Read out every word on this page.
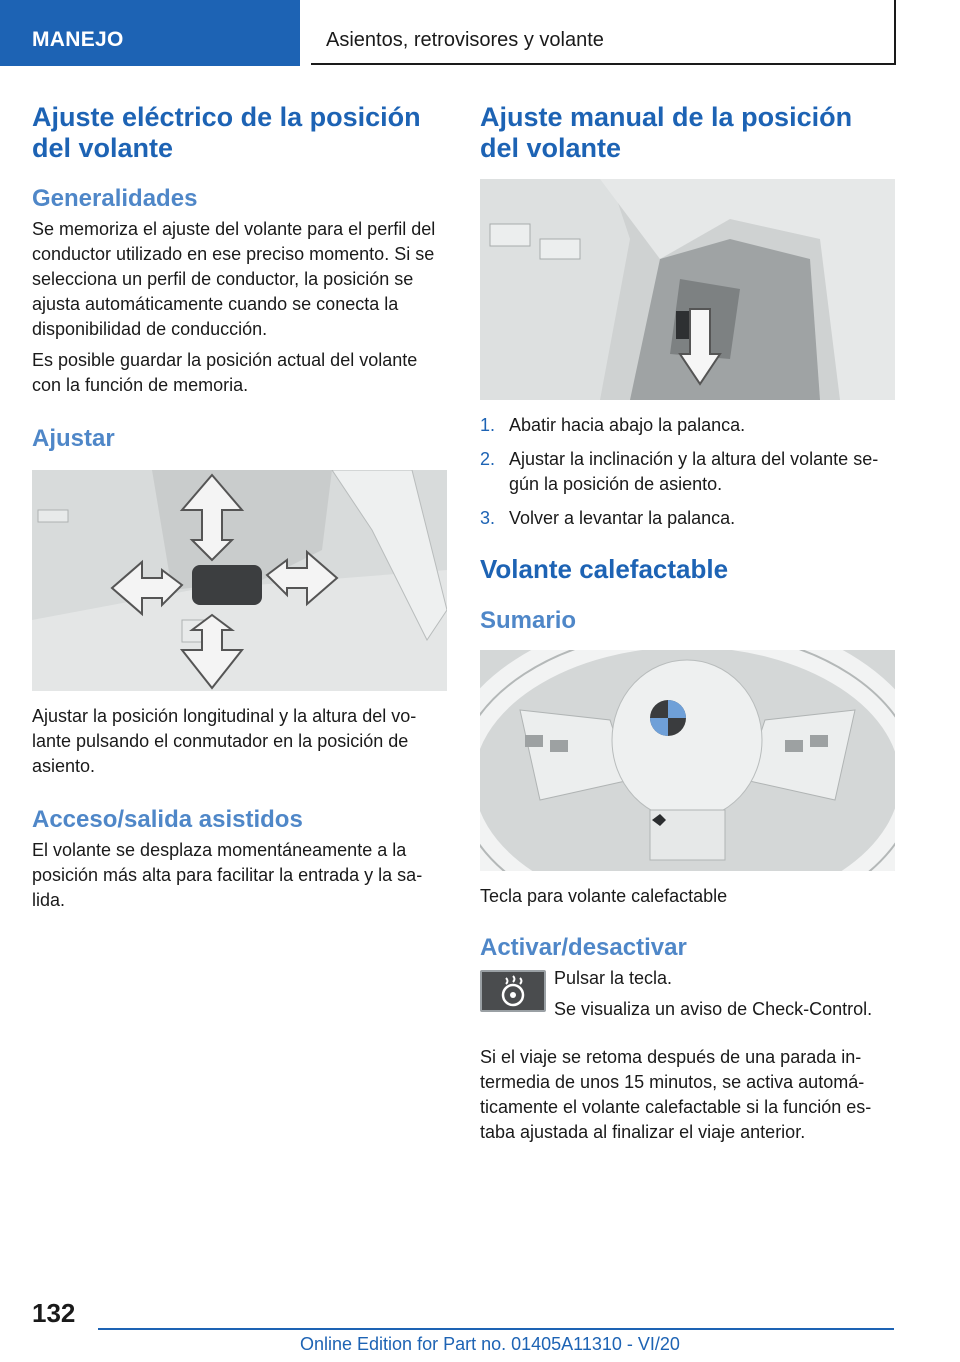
MANEJO	Asientos, retrovisores y volante
Ajuste eléctrico de la posición del volante
Generalidades

Se memoriza el ajuste del volante para el perfil del conductor utilizado en ese preciso momento. Si se selecciona un perfil de conductor, la posición se ajusta automáticamente cuando se conecta la disponibilidad de conducción.

Es posible guardar la posición actual del volante con la función de memoria.

Ajustar

Ajustar la posición longitudinal y la altura del volante pulsando el conmutador en la posición de asiento.

Acceso/salida asistidos

El volante se desplaza momentáneamente a la posición más alta para facilitar la entrada y la salida.

Ajuste manual de la posición del volante
1. Abatir hacia abajo la palanca.
2. Ajustar la inclinación y la altura del volante según la posición de asiento.
3. Volver a levantar la palanca.
Volante calefactable
Sumario

Tecla para volante calefactable

Activar/desactivar

Pulsar la tecla.

Se visualiza un aviso de Check-Control.

Si el viaje se retoma después de una parada intermedia de unos 15 minutos, se activa automáticamente el volante calefactable si la función estaba ajustada al finalizar el viaje anterior.

132
Online Edition for Part no. 01405A11310 - VI/20
